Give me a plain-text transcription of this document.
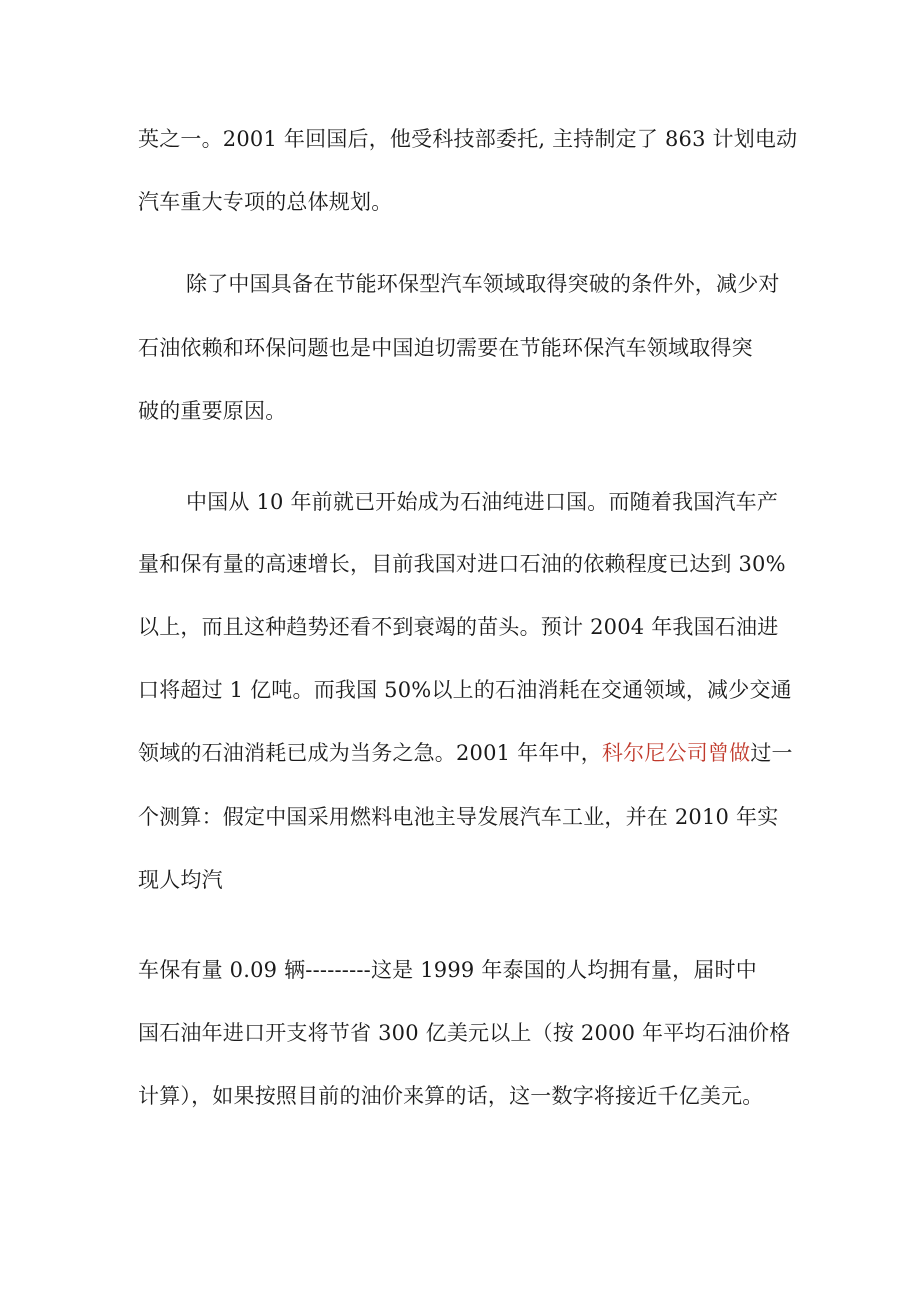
英之一。2001 年回国后，他受科技部委托, 主持制定了 863 计划电动
汽车重大专项的总体规划。
除了中国具备在节能环保型汽车领域取得突破的条件外，减少对
石油依赖和环保问题也是中国迫切需要在节能环保汽车领域取得突
破的重要原因。
中国从 10 年前就已开始成为石油纯进口国。而随着我国汽车产
量和保有量的高速增长，目前我国对进口石油的依赖程度已达到 30%
以上，而且这种趋势还看不到衰竭的苗头。预计 2004 年我国石油进
口将超过 1 亿吨。而我国 50%以上的石油消耗在交通领域，减少交通
领域的石油消耗已成为当务之急。2001 年年中，科尔尼公司曾做过一
个测算：假定中国采用燃料电池主导发展汽车工业，并在 2010 年实
现人均汽
车保有量 0.09 辆---------这是 1999 年泰国的人均拥有量，届时中
国石油年进口开支将节省 300 亿美元以上（按 2000 年平均石油价格
计算），如果按照目前的油价来算的话，这一数字将接近千亿美元。
